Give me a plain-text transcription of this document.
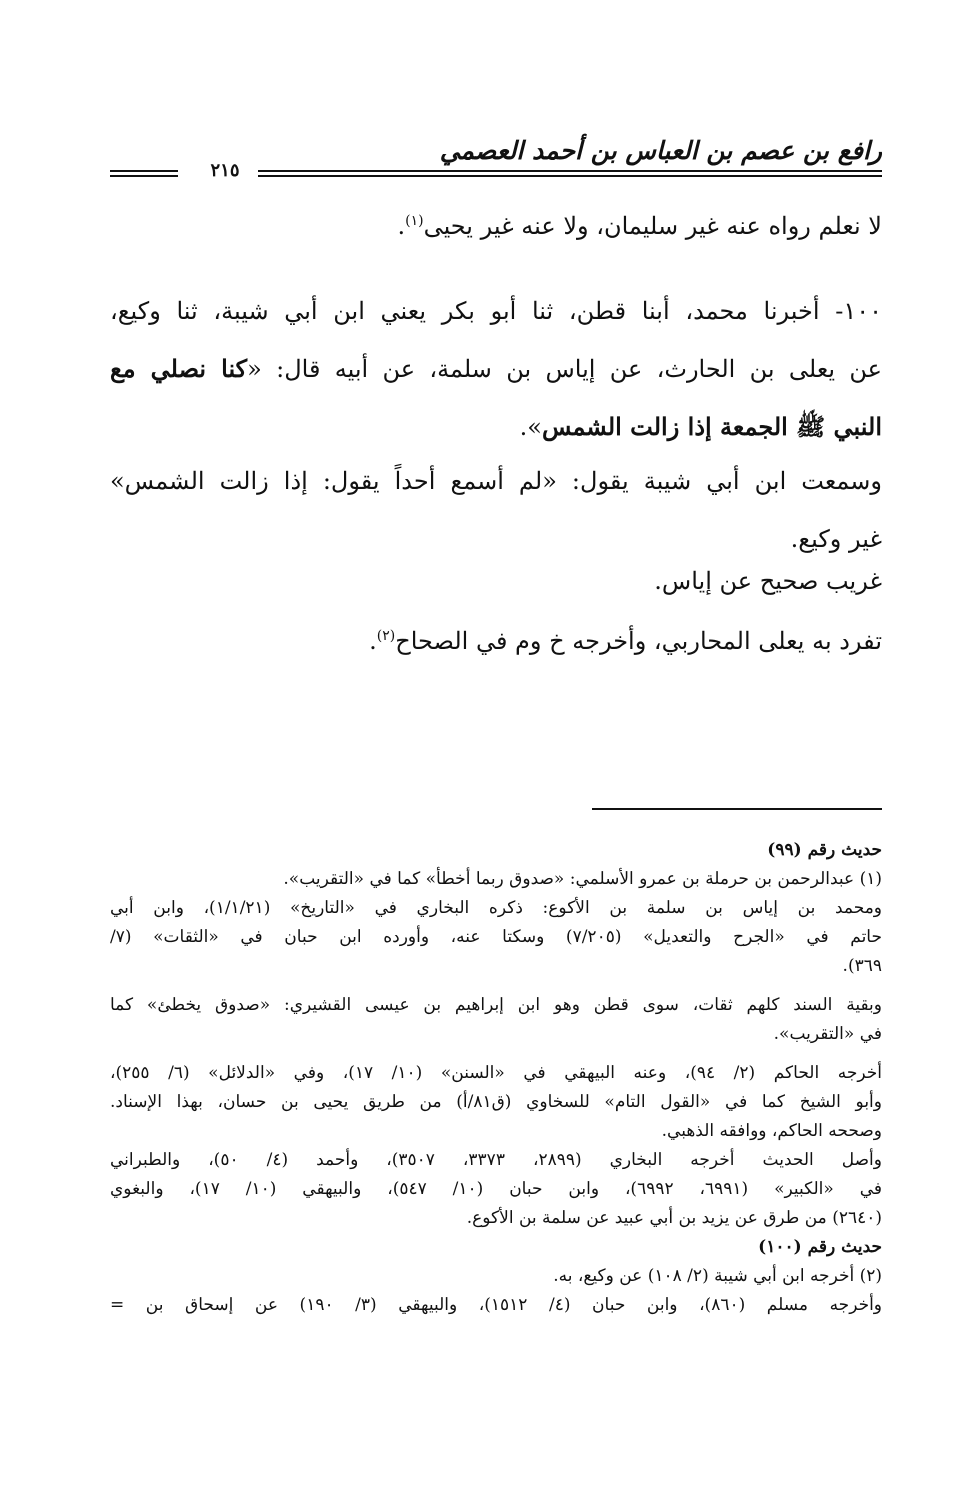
رافع بن عصم بن العباس بن أحمد العصمي
٢١٥
لا نعلم رواه عنه غير سليمان، ولا عنه غير يحيى$^{(١)}$.
١٠٠- أخبرنا محمد، أبنا قطن، ثنا أبو بكر يعني ابن أبي شيبة، ثنا وكيع،
عن يعلى بن الحارث، عن إياس بن سلمة، عن أبيه قال: «كنا نصلي مع
النبي ﷺ الجمعة إذا زالت الشمس».
وسمعت ابن أبي شيبة يقول: «لم أسمع أحداً يقول: إذا زالت الشمس»
غير وكيع.
غريب صحيح عن إياس.
تفرد به يعلى المحاربي، وأخرجه خ وم في الصحاح$^{(٢)}$.

حديث رقم (٩٩)

(١) عبدالرحمن بن حرملة بن عمرو الأسلمي: «صدوق ربما أخطأ» كما في «التقريب».
ومحمد بن إياس بن سلمة بن الأكوع: ذكره البخاري في «التاريخ» (١/١/٢١)، وابن أبي
حاتم في «الجرح والتعديل» (٧/٢٠٥) وسكتا عنه، وأورده ابن حبان في «الثقات» (٧/
٣٦٩).
وبقية السند كلهم ثقات، سوى قطن وهو ابن إبراهيم بن عيسى القشيري: «صدوق يخطئ» كما
في «التقريب».
أخرجه الحاكم (٢/ ٩٤)، وعنه البيهقي في «السنن» (١٠/ ١٧)، وفي «الدلائل» (٦/ ٢٥٥)،
وأبو الشيخ كما في «القول التام» للسخاوي (ق٨١/أ) من طريق يحيى بن حسان، بهذا الإسناد.
وصححه الحاكم، ووافقه الذهبي.
وأصل الحديث أخرجه البخاري (٢٨٩٩، ٣٣٧٣، ٣٥٠٧)، وأحمد (٤/ ٥٠)، والطبراني
في «الكبير» (٦٩٩١، ٦٩٩٢)، وابن حبان (١٠/ ٥٤٧)، والبيهقي (١٠/ ١٧)، والبغوي
(٢٦٤٠) من طرق عن يزيد بن أبي عبيد عن سلمة بن الأكوع.

حديث رقم (١٠٠)

(٢) أخرجه ابن أبي شيبة (٢/ ١٠٨) عن وكيع، به.
وأخرجه مسلم (٨٦٠)، وابن حبان (٤/ ١٥١٢)، والبيهقي (٣/ ١٩٠) عن إسحاق بن =
